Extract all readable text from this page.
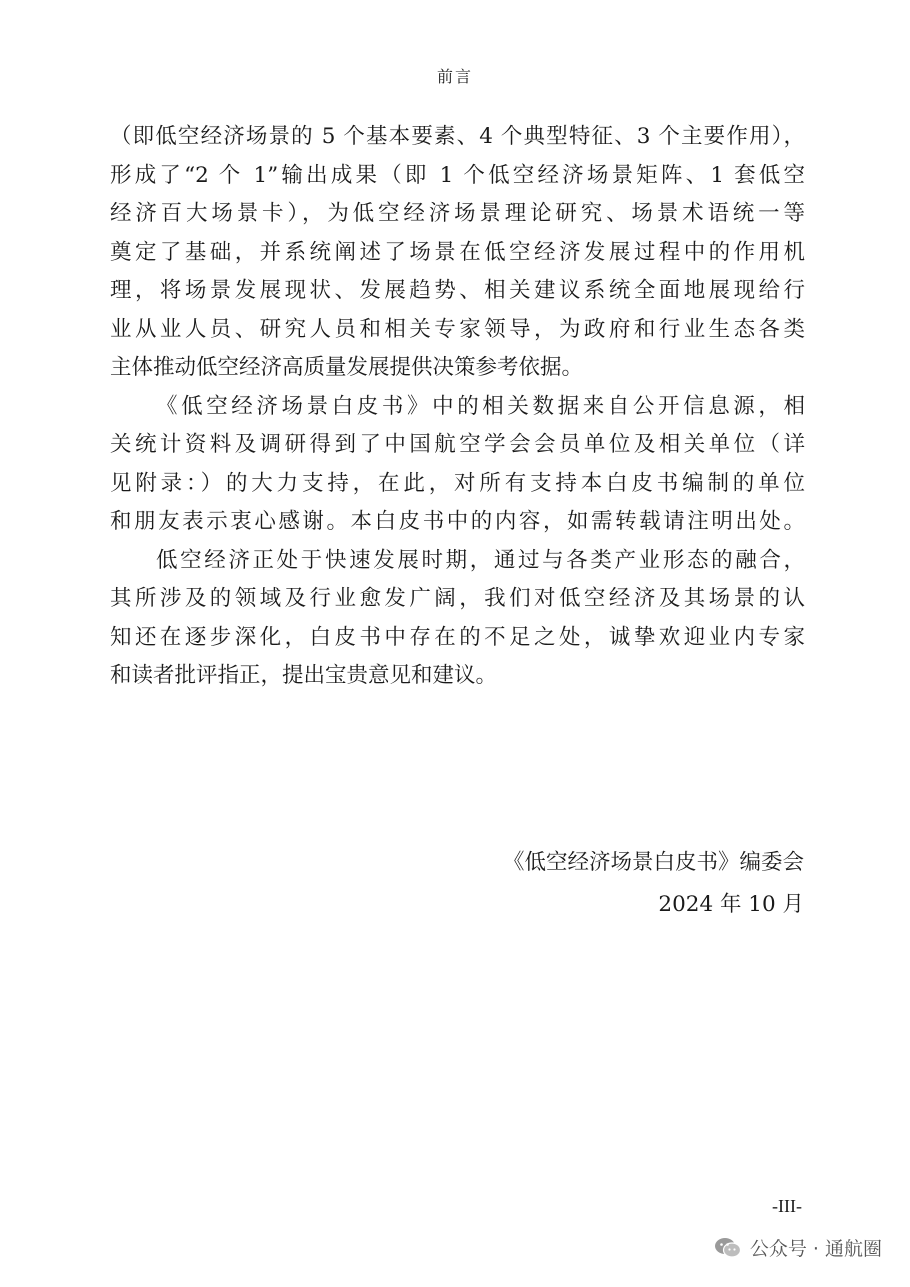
前言
（即低空经济场景的 5 个基本要素、4 个典型特征、3 个主要作用），
形成了“2 个 1”输出成果（即 1 个低空经济场景矩阵、1 套低空
经济百大场景卡），为低空经济场景理论研究、场景术语统一等
奠定了基础，并系统阐述了场景在低空经济发展过程中的作用机
理，将场景发展现状、发展趋势、相关建议系统全面地展现给行
业从业人员、研究人员和相关专家领导，为政府和行业生态各类
主体推动低空经济高质量发展提供决策参考依据。
《低空经济场景白皮书》中的相关数据来自公开信息源，相
关统计资料及调研得到了中国航空学会会员单位及相关单位（详
见附录：）的大力支持，在此，对所有支持本白皮书编制的单位
和朋友表示衷心感谢。本白皮书中的内容，如需转载请注明出处。
低空经济正处于快速发展时期，通过与各类产业形态的融合，
其所涉及的领域及行业愈发广阔，我们对低空经济及其场景的认
知还在逐步深化，白皮书中存在的不足之处，诚挚欢迎业内专家
和读者批评指正，提出宝贵意见和建议。
《低空经济场景白皮书》编委会
2024 年 10 月
-III-
公众号 · 通航圈
